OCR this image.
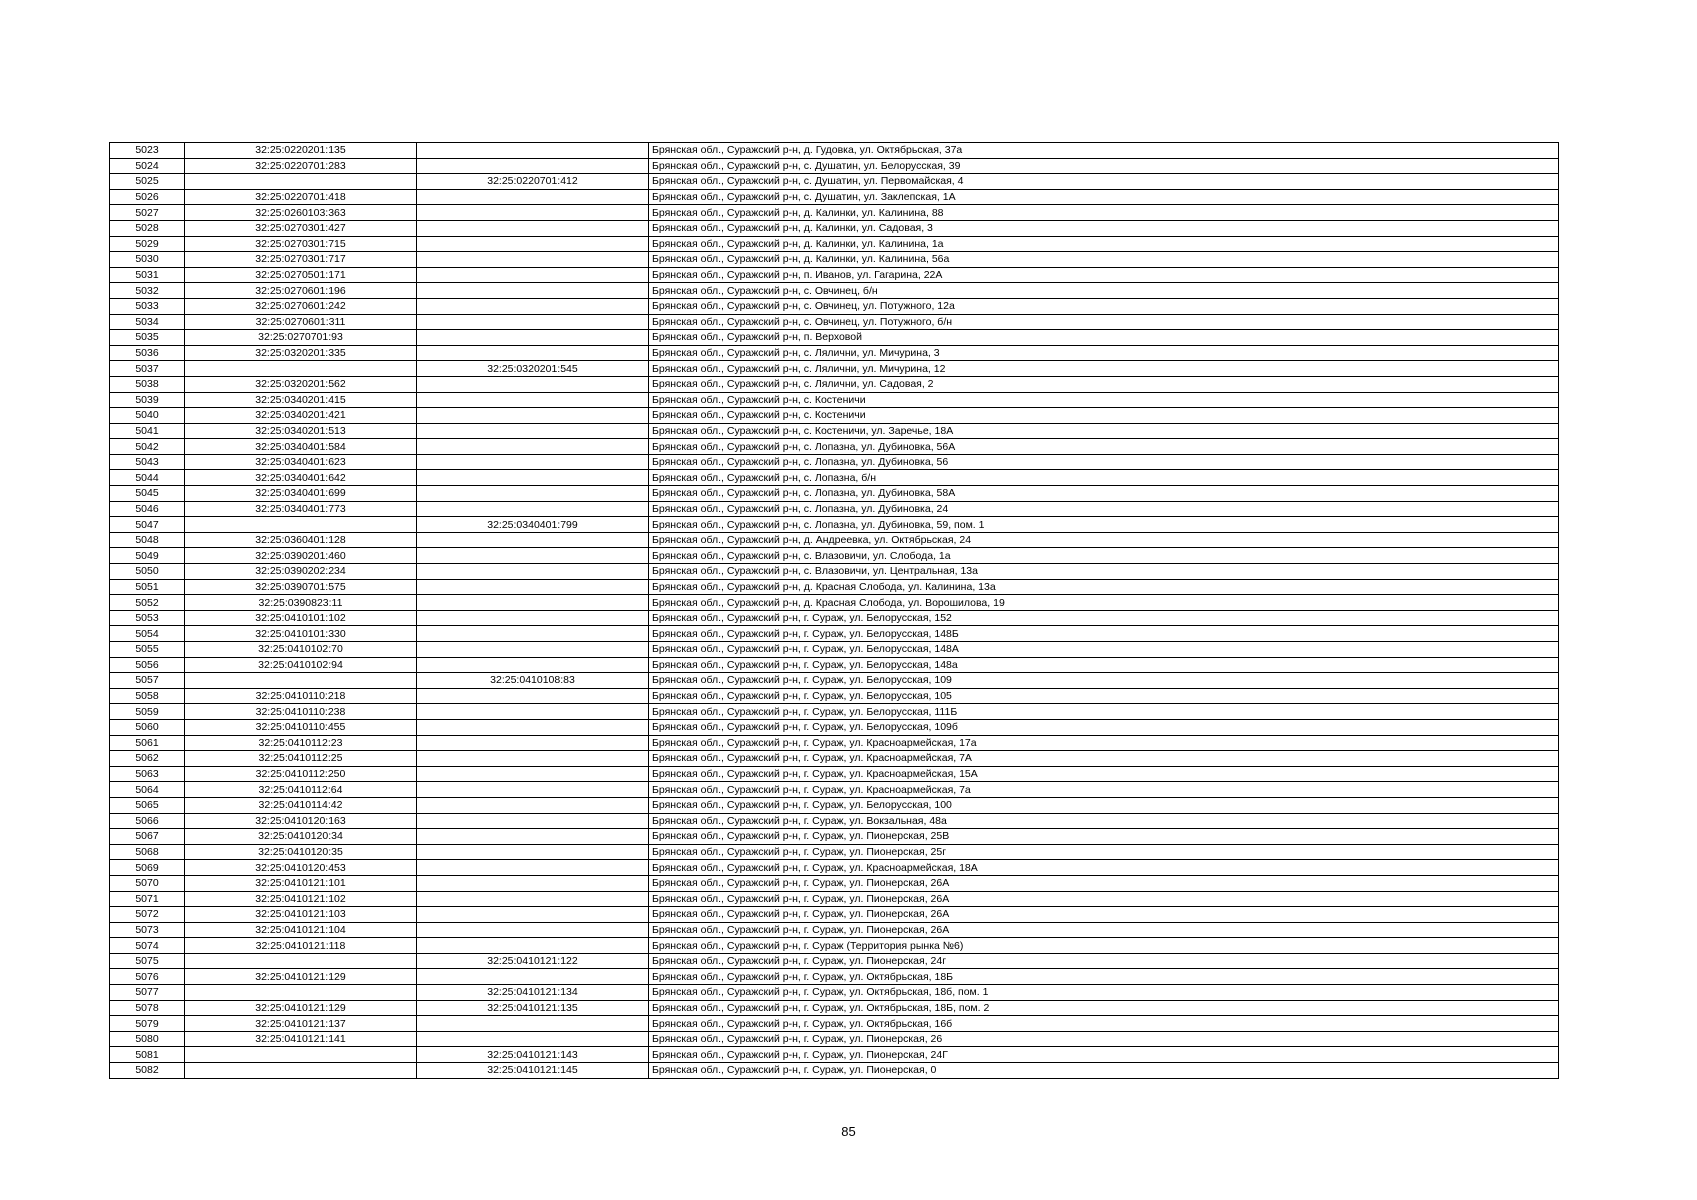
5023	32:25:0220201:135		Брянская обл., Суражский р-н, д. Гудовка, ул. Октябрьская, 37а
5024	32:25:0220701:283		Брянская обл., Суражский р-н, с. Душатин, ул. Белорусская, 39
5025		32:25:0220701:412	Брянская обл., Суражский р-н, с. Душатин, ул. Первомайская, 4
5026	32:25:0220701:418		Брянская обл., Суражский р-н, с. Душатин, ул. Заклепская, 1А
5027	32:25:0260103:363		Брянская обл., Суражский р-н, д. Калинки, ул. Калинина, 88
5028	32:25:0270301:427		Брянская обл., Суражский р-н, д. Калинки, ул. Садовая, 3
5029	32:25:0270301:715		Брянская обл., Суражский р-н, д. Калинки, ул. Калинина, 1а
5030	32:25:0270301:717		Брянская обл., Суражский р-н, д. Калинки, ул. Калинина, 56а
5031	32:25:0270501:171		Брянская обл., Суражский р-н, п. Иванов, ул. Гагарина, 22А
5032	32:25:0270601:196		Брянская обл., Суражский р-н, с. Овчинец, б/н
5033	32:25:0270601:242		Брянская обл., Суражский р-н, с. Овчинец, ул. Потужного, 12а
5034	32:25:0270601:311		Брянская обл., Суражский р-н, с. Овчинец, ул. Потужного, б/н
5035	32:25:0270701:93		Брянская обл., Суражский р-н, п. Верховой
5036	32:25:0320201:335		Брянская обл., Суражский р-н, с. Лялични, ул. Мичурина, 3
5037		32:25:0320201:545	Брянская обл., Суражский р-н, с. Лялични, ул. Мичурина, 12
5038	32:25:0320201:562		Брянская обл., Суражский р-н, с. Лялични, ул. Садовая, 2
5039	32:25:0340201:415		Брянская обл., Суражский р-н, с. Костеничи
5040	32:25:0340201:421		Брянская обл., Суражский р-н, с. Костеничи
5041	32:25:0340201:513		Брянская обл., Суражский р-н, с. Костеничи, ул. Заречье, 18А
5042	32:25:0340401:584		Брянская обл., Суражский р-н, с. Лопазна, ул. Дубиновка, 56А
5043	32:25:0340401:623		Брянская обл., Суражский р-н, с. Лопазна, ул. Дубиновка, 56
5044	32:25:0340401:642		Брянская обл., Суражский р-н, с. Лопазна, б/н
5045	32:25:0340401:699		Брянская обл., Суражский р-н, с. Лопазна, ул. Дубиновка, 58А
5046	32:25:0340401:773		Брянская обл., Суражский р-н, с. Лопазна, ул. Дубиновка, 24
5047		32:25:0340401:799	Брянская обл., Суражский р-н, с. Лопазна, ул. Дубиновка, 59, пом. 1
5048	32:25:0360401:128		Брянская обл., Суражский р-н, д. Андреевка, ул. Октябрьская, 24
5049	32:25:0390201:460		Брянская обл., Суражский р-н, с. Влазовичи, ул. Слобода, 1а
5050	32:25:0390202:234		Брянская обл., Суражский р-н, с. Влазовичи, ул. Центральная, 13а
5051	32:25:0390701:575		Брянская обл., Суражский р-н, д. Красная Слобода, ул. Калинина, 13а
5052	32:25:0390823:11		Брянская обл., Суражский р-н, д. Красная Слобода, ул. Ворошилова, 19
5053	32:25:0410101:102		Брянская обл., Суражский р-н, г. Сураж, ул. Белорусская, 152
5054	32:25:0410101:330		Брянская обл., Суражский р-н, г. Сураж, ул. Белорусская, 148Б
5055	32:25:0410102:70		Брянская обл., Суражский р-н, г. Сураж, ул. Белорусская, 148А
5056	32:25:0410102:94		Брянская обл., Суражский р-н, г. Сураж, ул. Белорусская, 148а
5057		32:25:0410108:83	Брянская обл., Суражский р-н, г. Сураж, ул. Белорусская, 109
5058	32:25:0410110:218		Брянская обл., Суражский р-н, г. Сураж, ул. Белорусская, 105
5059	32:25:0410110:238		Брянская обл., Суражский р-н, г. Сураж, ул. Белорусская, 111Б
5060	32:25:0410110:455		Брянская обл., Суражский р-н, г. Сураж, ул. Белорусская, 109б
5061	32:25:0410112:23		Брянская обл., Суражский р-н, г. Сураж, ул. Красноармейская, 17а
5062	32:25:0410112:25		Брянская обл., Суражский р-н, г. Сураж, ул. Красноармейская, 7А
5063	32:25:0410112:250		Брянская обл., Суражский р-н, г. Сураж, ул. Красноармейская, 15А
5064	32:25:0410112:64		Брянская обл., Суражский р-н, г. Сураж, ул. Красноармейская, 7а
5065	32:25:0410114:42		Брянская обл., Суражский р-н, г. Сураж, ул. Белорусская, 100
5066	32:25:0410120:163		Брянская обл., Суражский р-н, г. Сураж, ул. Вокзальная, 48а
5067	32:25:0410120:34		Брянская обл., Суражский р-н, г. Сураж, ул. Пионерская, 25В
5068	32:25:0410120:35		Брянская обл., Суражский р-н, г. Сураж, ул. Пионерская, 25г
5069	32:25:0410120:453		Брянская обл., Суражский р-н, г. Сураж, ул. Красноармейская, 18А
5070	32:25:0410121:101		Брянская обл., Суражский р-н, г. Сураж, ул. Пионерская, 26А
5071	32:25:0410121:102		Брянская обл., Суражский р-н, г. Сураж, ул. Пионерская, 26А
5072	32:25:0410121:103		Брянская обл., Суражский р-н, г. Сураж, ул. Пионерская, 26А
5073	32:25:0410121:104		Брянская обл., Суражский р-н, г. Сураж, ул. Пионерская, 26А
5074	32:25:0410121:118		Брянская обл., Суражский р-н, г. Сураж (Территория рынка №6)
5075		32:25:0410121:122	Брянская обл., Суражский р-н, г. Сураж, ул. Пионерская, 24г
5076	32:25:0410121:129		Брянская обл., Суражский р-н, г. Сураж, ул. Октябрьская, 18Б
5077		32:25:0410121:134	Брянская обл., Суражский р-н, г. Сураж, ул. Октябрьская, 18б, пом. 1
5078	32:25:0410121:129	32:25:0410121:135	Брянская обл., Суражский р-н, г. Сураж, ул. Октябрьская, 18Б, пом. 2
5079	32:25:0410121:137		Брянская обл., Суражский р-н, г. Сураж, ул. Октябрьская, 16б
5080	32:25:0410121:141		Брянская обл., Суражский р-н, г. Сураж, ул. Пионерская, 26
5081		32:25:0410121:143	Брянская обл., Суражский р-н, г. Сураж, ул. Пионерская, 24Г
5082		32:25:0410121:145	Брянская обл., Суражский р-н, г. Сураж, ул. Пионерская, 0
85
